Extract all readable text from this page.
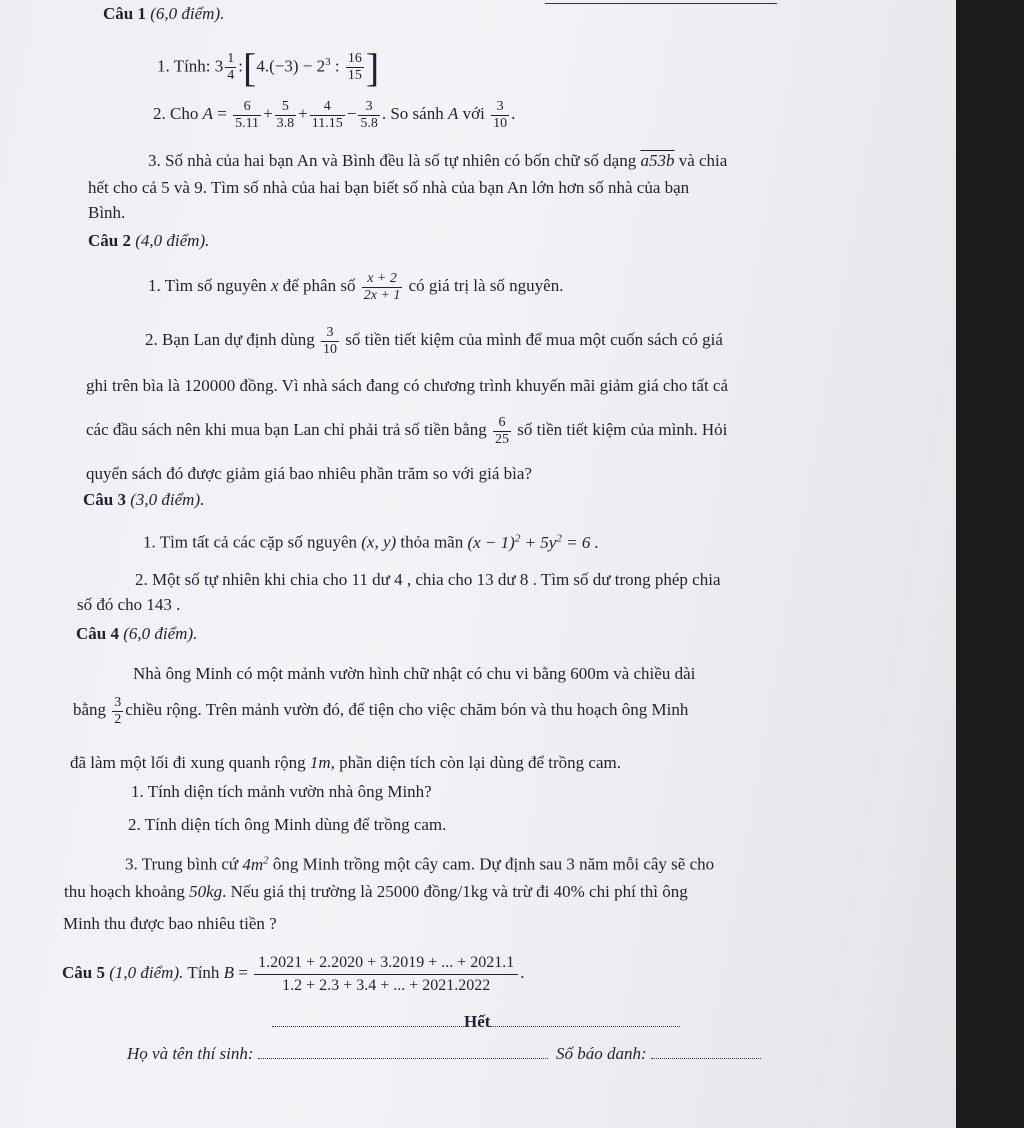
Câu 1 (6,0 điểm).
1. Tính: $3 \frac{1}{4}$ :[4.(−3) − $2^3$ : $\frac{16}{15}$ ]
2. Cho $A = \frac{6}{5.11} + \frac{5}{3.8} + \frac{4}{11.15} - \frac{3}{5.8}$ . So sánh A với $\frac{3}{10}$ .
3. Số nhà của hai bạn An và Bình đều là số tự nhiên có bốn chữ số dạng a53b và chia
hết cho cả 5 và 9. Tìm số nhà của hai bạn biết số nhà của bạn An lớn hơn số nhà của bạn
Bình.
Câu 2 (4,0 điểm).
1. Tìm số nguyên x để phân số $\frac{x + 2}{2x + 1}$ có giá trị là số nguyên.
2. Bạn Lan dự định dùng $\frac{3}{10}$ số tiền tiết kiệm của mình để mua một cuốn sách có giá
ghi trên bìa là 120000 đồng. Vì nhà sách đang có chương trình khuyến mãi giảm giá cho tất cả
các đầu sách nên khi mua bạn Lan chỉ phải trả số tiền bằng $\frac{6}{25}$ số tiền tiết kiệm của mình. Hỏi
quyển sách đó được giảm giá bao nhiêu phần trăm so với giá bìa?
Câu 3 (3,0 điểm).
1. Tìm tất cả các cặp số nguyên (x, y) thỏa mãn $(x - 1)^2 + 5y^2 = 6$ .
2. Một số tự nhiên khi chia cho 11 dư 4 , chia cho 13 dư 8 . Tìm số dư trong phép chia
số đó cho 143 .
Câu 4 (6,0 điểm).
Nhà ông Minh có một mảnh vườn hình chữ nhật có chu vi bằng 600m và chiều dài
bằng $\frac{3}{2}$ chiều rộng. Trên mảnh vườn đó, để tiện cho việc chăm bón và thu hoạch ông Minh
đã làm một lối đi xung quanh rộng 1m, phần diện tích còn lại dùng để trồng cam.
1. Tính diện tích mảnh vườn nhà ông Minh?
2. Tính diện tích ông Minh dùng để trồng cam.
3. Trung bình cứ $4m^2$ ông Minh trồng một cây cam. Dự định sau 3 năm mỗi cây sẽ cho
thu hoạch khoảng 50kg. Nếu giá thị trường là 25000 đồng/1kg và trừ đi 40% chi phí thì ông
Minh thu được bao nhiêu tiền ?
Câu 5 (1,0 điểm). Tính $B = \frac{1.2021 + 2.2020 + 3.2019 + ... + 2021.1}{1.2 + 2.3 + 3.4 + ... + 2021.2022}$ .
Hết
Họ và tên thí sinh:	Số báo danh:
